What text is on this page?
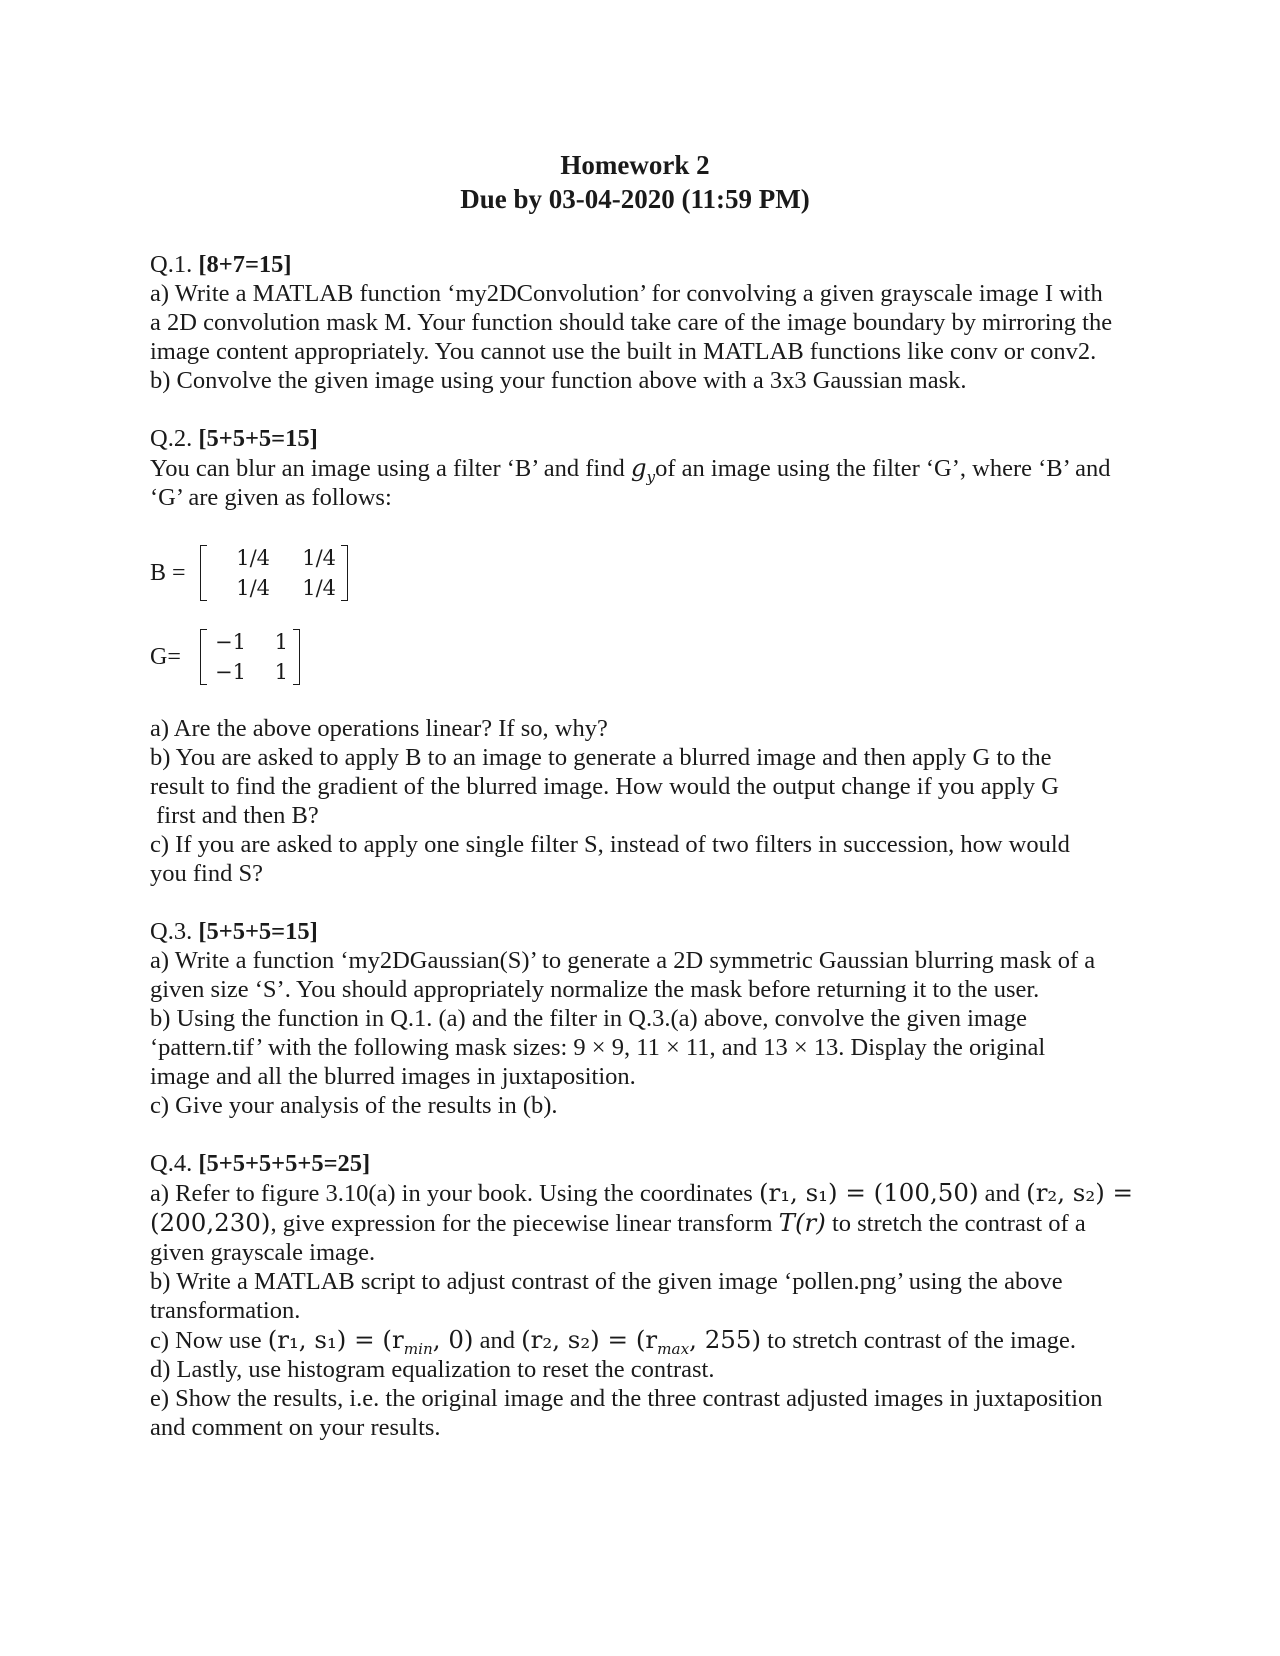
Homework 2
Due by 03-04-2020 (11:59 PM)
Q.1. [8+7=15]
a) Write a MATLAB function ‘my2DConvolution’ for convolving a given grayscale image I with
a 2D convolution mask M. Your function should take care of the image boundary by mirroring the
image content appropriately. You cannot use the built in MATLAB functions like conv or conv2.
b) Convolve the given image using your function above with a 3x3 Gaussian mask.
Q.2. [5+5+5=15]
You can blur an image using a filter ‘B’ and find $g_yof$ an image using the filter ‘G’, where ‘B’ and
‘G’ are given as follows:
B =
1/4	1/4
1/4	1/4
G=
−1	1
−1	1
a) Are the above operations linear? If so, why?
b) You are asked to apply B to an image to generate a blurred image and then apply G to the
result to find the gradient of the blurred image. How would the output change if you apply G
first and then B?
c) If you are asked to apply one single filter S, instead of two filters in succession, how would
you find S?
Q.3. [5+5+5=15]
a) Write a function ‘my2DGaussian(S)’ to generate a 2D symmetric Gaussian blurring mask of a
given size ‘S’. You should appropriately normalize the mask before returning it to the user.
b) Using the function in Q.1. (a) and the filter in Q.3.(a) above, convolve the given image
‘pattern.tif’ with the following mask sizes: 9 × 9, 11 × 11, and 13 × 13. Display the original
image and all the blurred images in juxtaposition.
c) Give your analysis of the results in (b).
Q.4. [5+5+5+5+5=25]
a) Refer to figure 3.10(a) in your book. Using the coordinates (r₁, s₁) = (100,50) and (r₂, s₂) =
(200,230), give expression for the piecewise linear transform T(r) to stretch the contrast of a
given grayscale image.
b) Write a MATLAB script to adjust contrast of the given image ‘pollen.png’ using the above
transformation.
c) Now use (r₁, $s_1) = (r_{min}$, 0) and (r₂, $s_2) = (r_{max}$, 255) to stretch contrast of the image.
d) Lastly, use histogram equalization to reset the contrast.
e) Show the results, i.e. the original image and the three contrast adjusted images in juxtaposition
and comment on your results.
